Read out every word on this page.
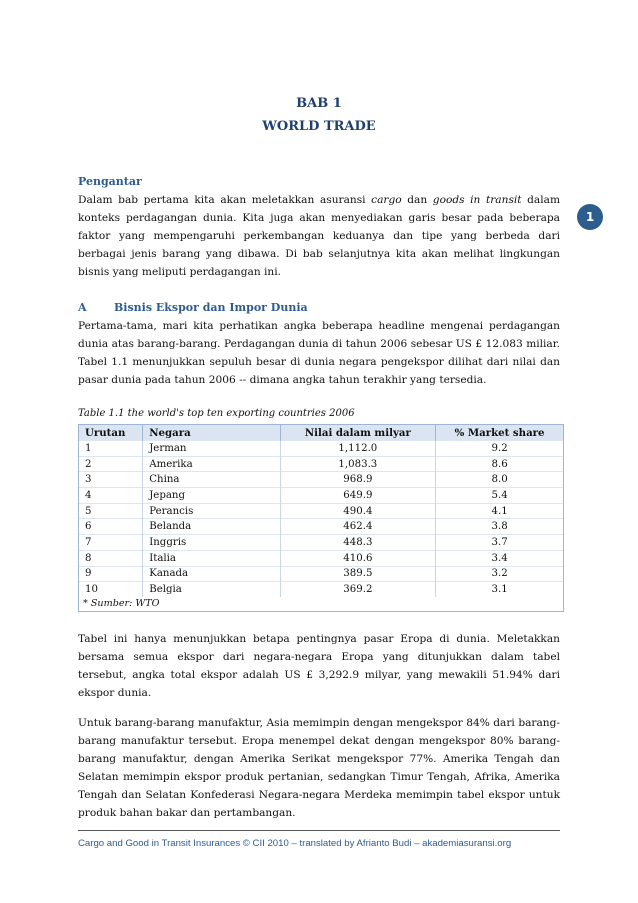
BAB 1
WORLD TRADE
1
Pengantar
Dalam bab pertama kita akan meletakkan asuransi cargo dan goods in transit dalam konteks perdagangan dunia. Kita juga akan menyediakan garis besar pada beberapa faktor yang mempengaruhi perkembangan keduanya dan tipe yang berbeda dari berbagai jenis barang yang dibawa. Di bab selanjutnya kita akan melihat lingkungan bisnis yang meliputi perdagangan ini.
A Bisnis Ekspor dan Impor Dunia
Pertama-tama, mari kita perhatikan angka beberapa headline mengenai perdagangan dunia atas barang-barang. Perdagangan dunia di tahun 2006 sebesar US £ 12.083 miliar. Tabel 1.1 menunjukkan sepuluh besar di dunia negara pengekspor dilihat dari nilai dan pasar dunia pada tahun 2006 -- dimana angka tahun terakhir yang tersedia.
Table 1.1 the world's top ten exporting countries 2006
Urutan	Negara	Nilai dalam milyar	% Market share
1	Jerman	1,112.0	9.2
2	Amerika	1,083.3	8.6
3	China	968.9	8.0
4	Jepang	649.9	5.4
5	Perancis	490.4	4.1
6	Belanda	462.4	3.8
7	Inggris	448.3	3.7
8	Italia	410.6	3.4
9	Kanada	389.5	3.2
10	Belgia	369.2	3.1
* Sumber: WTO
Tabel ini hanya menunjukkan betapa pentingnya pasar Eropa di dunia. Meletakkan bersama semua ekspor dari negara-negara Eropa yang ditunjukkan dalam tabel tersebut, angka total ekspor adalah US £ 3,292.9 milyar, yang mewakili 51.94% dari ekspor dunia.
Untuk barang-barang manufaktur, Asia memimpin dengan mengekspor 84% dari barang-barang manufaktur tersebut. Eropa menempel dekat dengan mengekspor 80% barang-barang manufaktur, dengan Amerika Serikat mengekspor 77%. Amerika Tengah dan Selatan memimpin ekspor produk pertanian, sedangkan Timur Tengah, Afrika, Amerika Tengah dan Selatan Konfederasi Negara-negara Merdeka memimpin tabel ekspor untuk produk bahan bakar dan pertambangan.
Cargo and Good in Transit Insurances © CII 2010 – translated by Afrianto Budi – akademiasuransi.org
